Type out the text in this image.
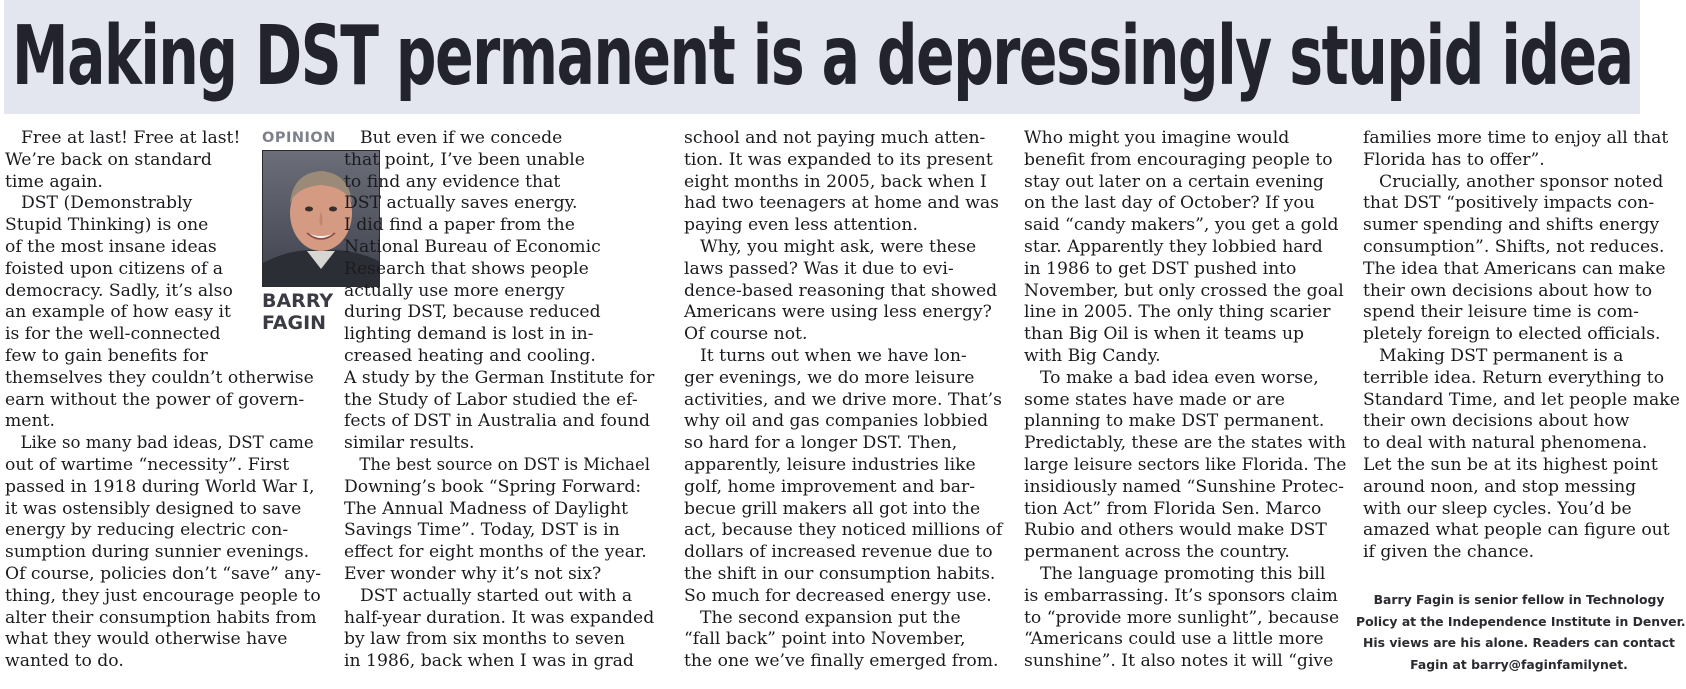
Making DST permanent is a depressingly stupid idea
Free at last! Free at last!
We’re back on standard
time again.
DST (Demonstrably
Stupid Thinking) is one
of the most insane ideas
foisted upon citizens of a
democracy. Sadly, it’s also
an example of how easy it
is for the well-connected
few to gain benefits for
themselves they couldn’t otherwise
earn without the power of govern-
ment.
Like so many bad ideas, DST came
out of wartime “necessity”. First
passed in 1918 during World War I,
it was ostensibly designed to save
energy by reducing electric con-
sumption during sunnier evenings.
Of course, policies don’t “save” any-
thing, they just encourage people to
alter their consumption habits from
what they would otherwise have
wanted to do.
OPINION
BARRY
FAGIN
But even if we concede
that point, I’ve been unable
to find any evidence that
DST actually saves energy.
I did find a paper from the
National Bureau of Economic
Research that shows people
actually use more energy
during DST, because reduced
lighting demand is lost in in-
creased heating and cooling.
A study by the German Institute for
the Study of Labor studied the ef-
fects of DST in Australia and found
similar results.
The best source on DST is Michael
Downing’s book “Spring Forward:
The Annual Madness of Daylight
Savings Time”. Today, DST is in
effect for eight months of the year.
Ever wonder why it’s not six?
DST actually started out with a
half-year duration. It was expanded
by law from six months to seven
in 1986, back when I was in grad
school and not paying much atten-
tion. It was expanded to its present
eight months in 2005, back when I
had two teenagers at home and was
paying even less attention.
Why, you might ask, were these
laws passed? Was it due to evi-
dence-based reasoning that showed
Americans were using less energy?
Of course not.
It turns out when we have lon-
ger evenings, we do more leisure
activities, and we drive more. That’s
why oil and gas companies lobbied
so hard for a longer DST. Then,
apparently, leisure industries like
golf, home improvement and bar-
becue grill makers all got into the
act, because they noticed millions of
dollars of increased revenue due to
the shift in our consumption habits.
So much for decreased energy use.
The second expansion put the
“fall back” point into November,
the one we’ve finally emerged from.
Who might you imagine would
benefit from encouraging people to
stay out later on a certain evening
on the last day of October? If you
said “candy makers”, you get a gold
star. Apparently they lobbied hard
in 1986 to get DST pushed into
November, but only crossed the goal
line in 2005. The only thing scarier
than Big Oil is when it teams up
with Big Candy.
To make a bad idea even worse,
some states have made or are
planning to make DST permanent.
Predictably, these are the states with
large leisure sectors like Florida. The
insidiously named “Sunshine Protec-
tion Act” from Florida Sen. Marco
Rubio and others would make DST
permanent across the country.
The language promoting this bill
is embarrassing. It’s sponsors claim
to “provide more sunlight”, because
“Americans could use a little more
sunshine”. It also notes it will “give
families more time to enjoy all that
Florida has to offer”.
Crucially, another sponsor noted
that DST “positively impacts con-
sumer spending and shifts energy
consumption”. Shifts, not reduces.
The idea that Americans can make
their own decisions about how to
spend their leisure time is com-
pletely foreign to elected officials.
Making DST permanent is a
terrible idea. Return everything to
Standard Time, and let people make
their own decisions about how
to deal with natural phenomena.
Let the sun be at its highest point
around noon, and stop messing
with our sleep cycles. You’d be
amazed what people can figure out
if given the chance.
Barry Fagin is senior fellow in Technology
Policy at the Independence Institute in Denver.
His views are his alone. Readers can contact
Fagin at barry@faginfamilynet.
